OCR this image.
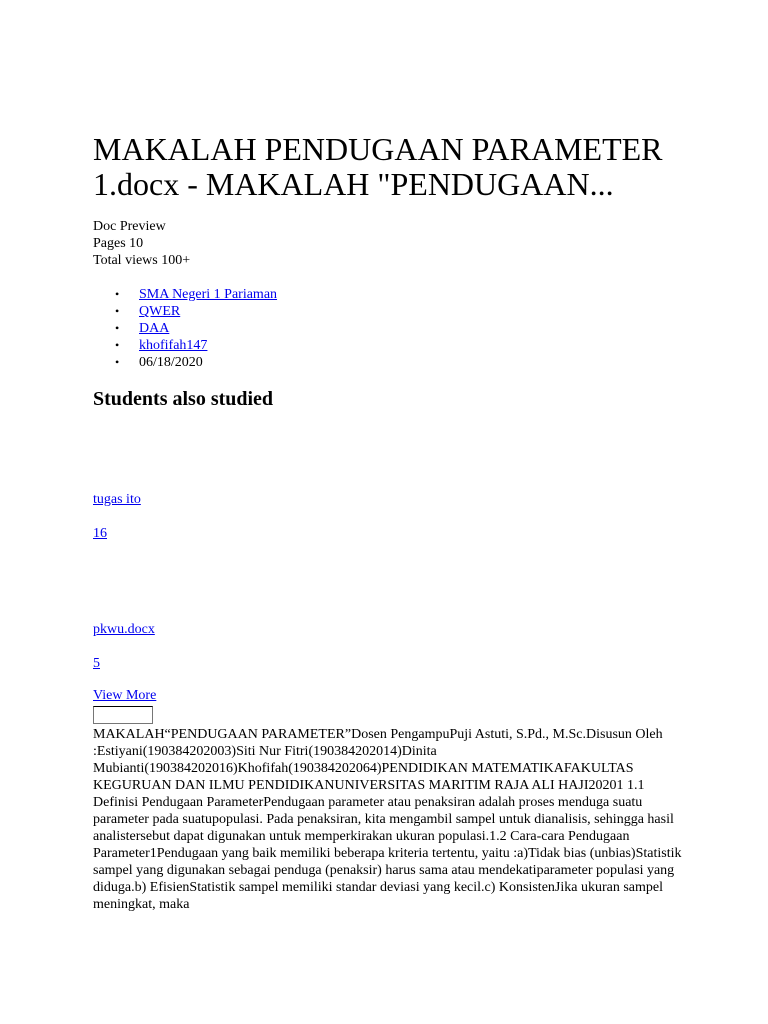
MAKALAH PENDUGAAN PARAMETER 1.docx - MAKALAH "PENDUGAAN...
Doc Preview
Pages 10
Total views 100+
• SMA Negeri 1 Pariaman
• QWER
• DAA
• khofifah147
• 06/18/2020
Students also studied
tugas ito
16
pkwu.docx
5
View More
MAKALAH“PENDUGAAN PARAMETER”Dosen PengampuPuji Astuti, S.Pd., M.Sc.Disusun Oleh :Estiyani(190384202003)Siti Nur Fitri(190384202014)Dinita Mubianti(190384202016)Khofifah(190384202064)PENDIDIKAN MATEMATIKAFAKULTAS KEGURUAN DAN ILMU PENDIDIKANUNIVERSITAS MARITIM RAJA ALI HAJI20201 1.1 Definisi Pendugaan ParameterPendugaan parameter atau penaksiran adalah proses menduga suatu parameter pada suatupopulasi. Pada penaksiran, kita mengambil sampel untuk dianalisis, sehingga hasil analistersebut dapat digunakan untuk memperkirakan ukuran populasi.1.2 Cara-cara Pendugaan Parameter1Pendugaan yang baik memiliki beberapa kriteria tertentu, yaitu :a)Tidak bias (unbias)Statistik sampel yang digunakan sebagai penduga (penaksir) harus sama atau mendekatiparameter populasi yang diduga.b) EfisienStatistik sampel memiliki standar deviasi yang kecil.c) KonsistenJika ukuran sampel meningkat, maka
